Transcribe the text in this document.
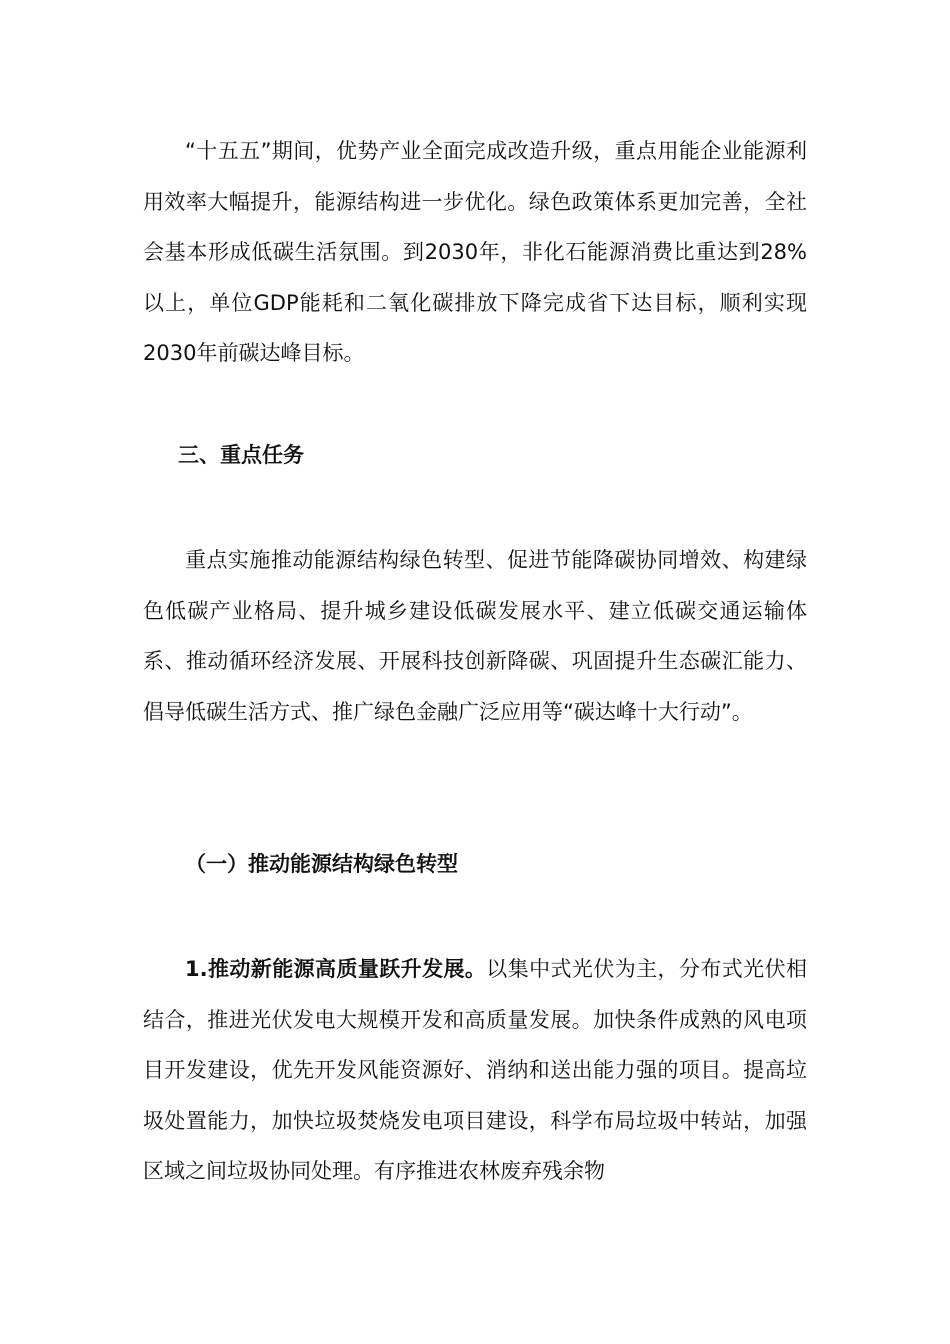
“十五五”期间，优势产业全面完成改造升级，重点用能企业能源利用效率大幅提升，能源结构进一步优化。绿色政策体系更加完善，全社会基本形成低碳生活氛围。到2030年，非化石能源消费比重达到28%以上，单位GDP能耗和二氧化碳排放下降完成省下达目标，顺利实现2030年前碳达峰目标。

三、重点任务

重点实施推动能源结构绿色转型、促进节能降碳协同增效、构建绿色低碳产业格局、提升城乡建设低碳发展水平、建立低碳交通运输体系、推动循环经济发展、开展科技创新降碳、巩固提升生态碳汇能力、倡导低碳生活方式、推广绿色金融广泛应用等“碳达峰十大行动”。

（一）推动能源结构绿色转型

1.推动新能源高质量跃升发展。以集中式光伏为主，分布式光伏相结合，推进光伏发电大规模开发和高质量发展。加快条件成熟的风电项目开发建设，优先开发风能资源好、消纳和送出能力强的项目。提高垃圾处置能力，加快垃圾焚烧发电项目建设，科学布局垃圾中转站，加强区域之间垃圾协同处理。有序推进农林废弃残余物
